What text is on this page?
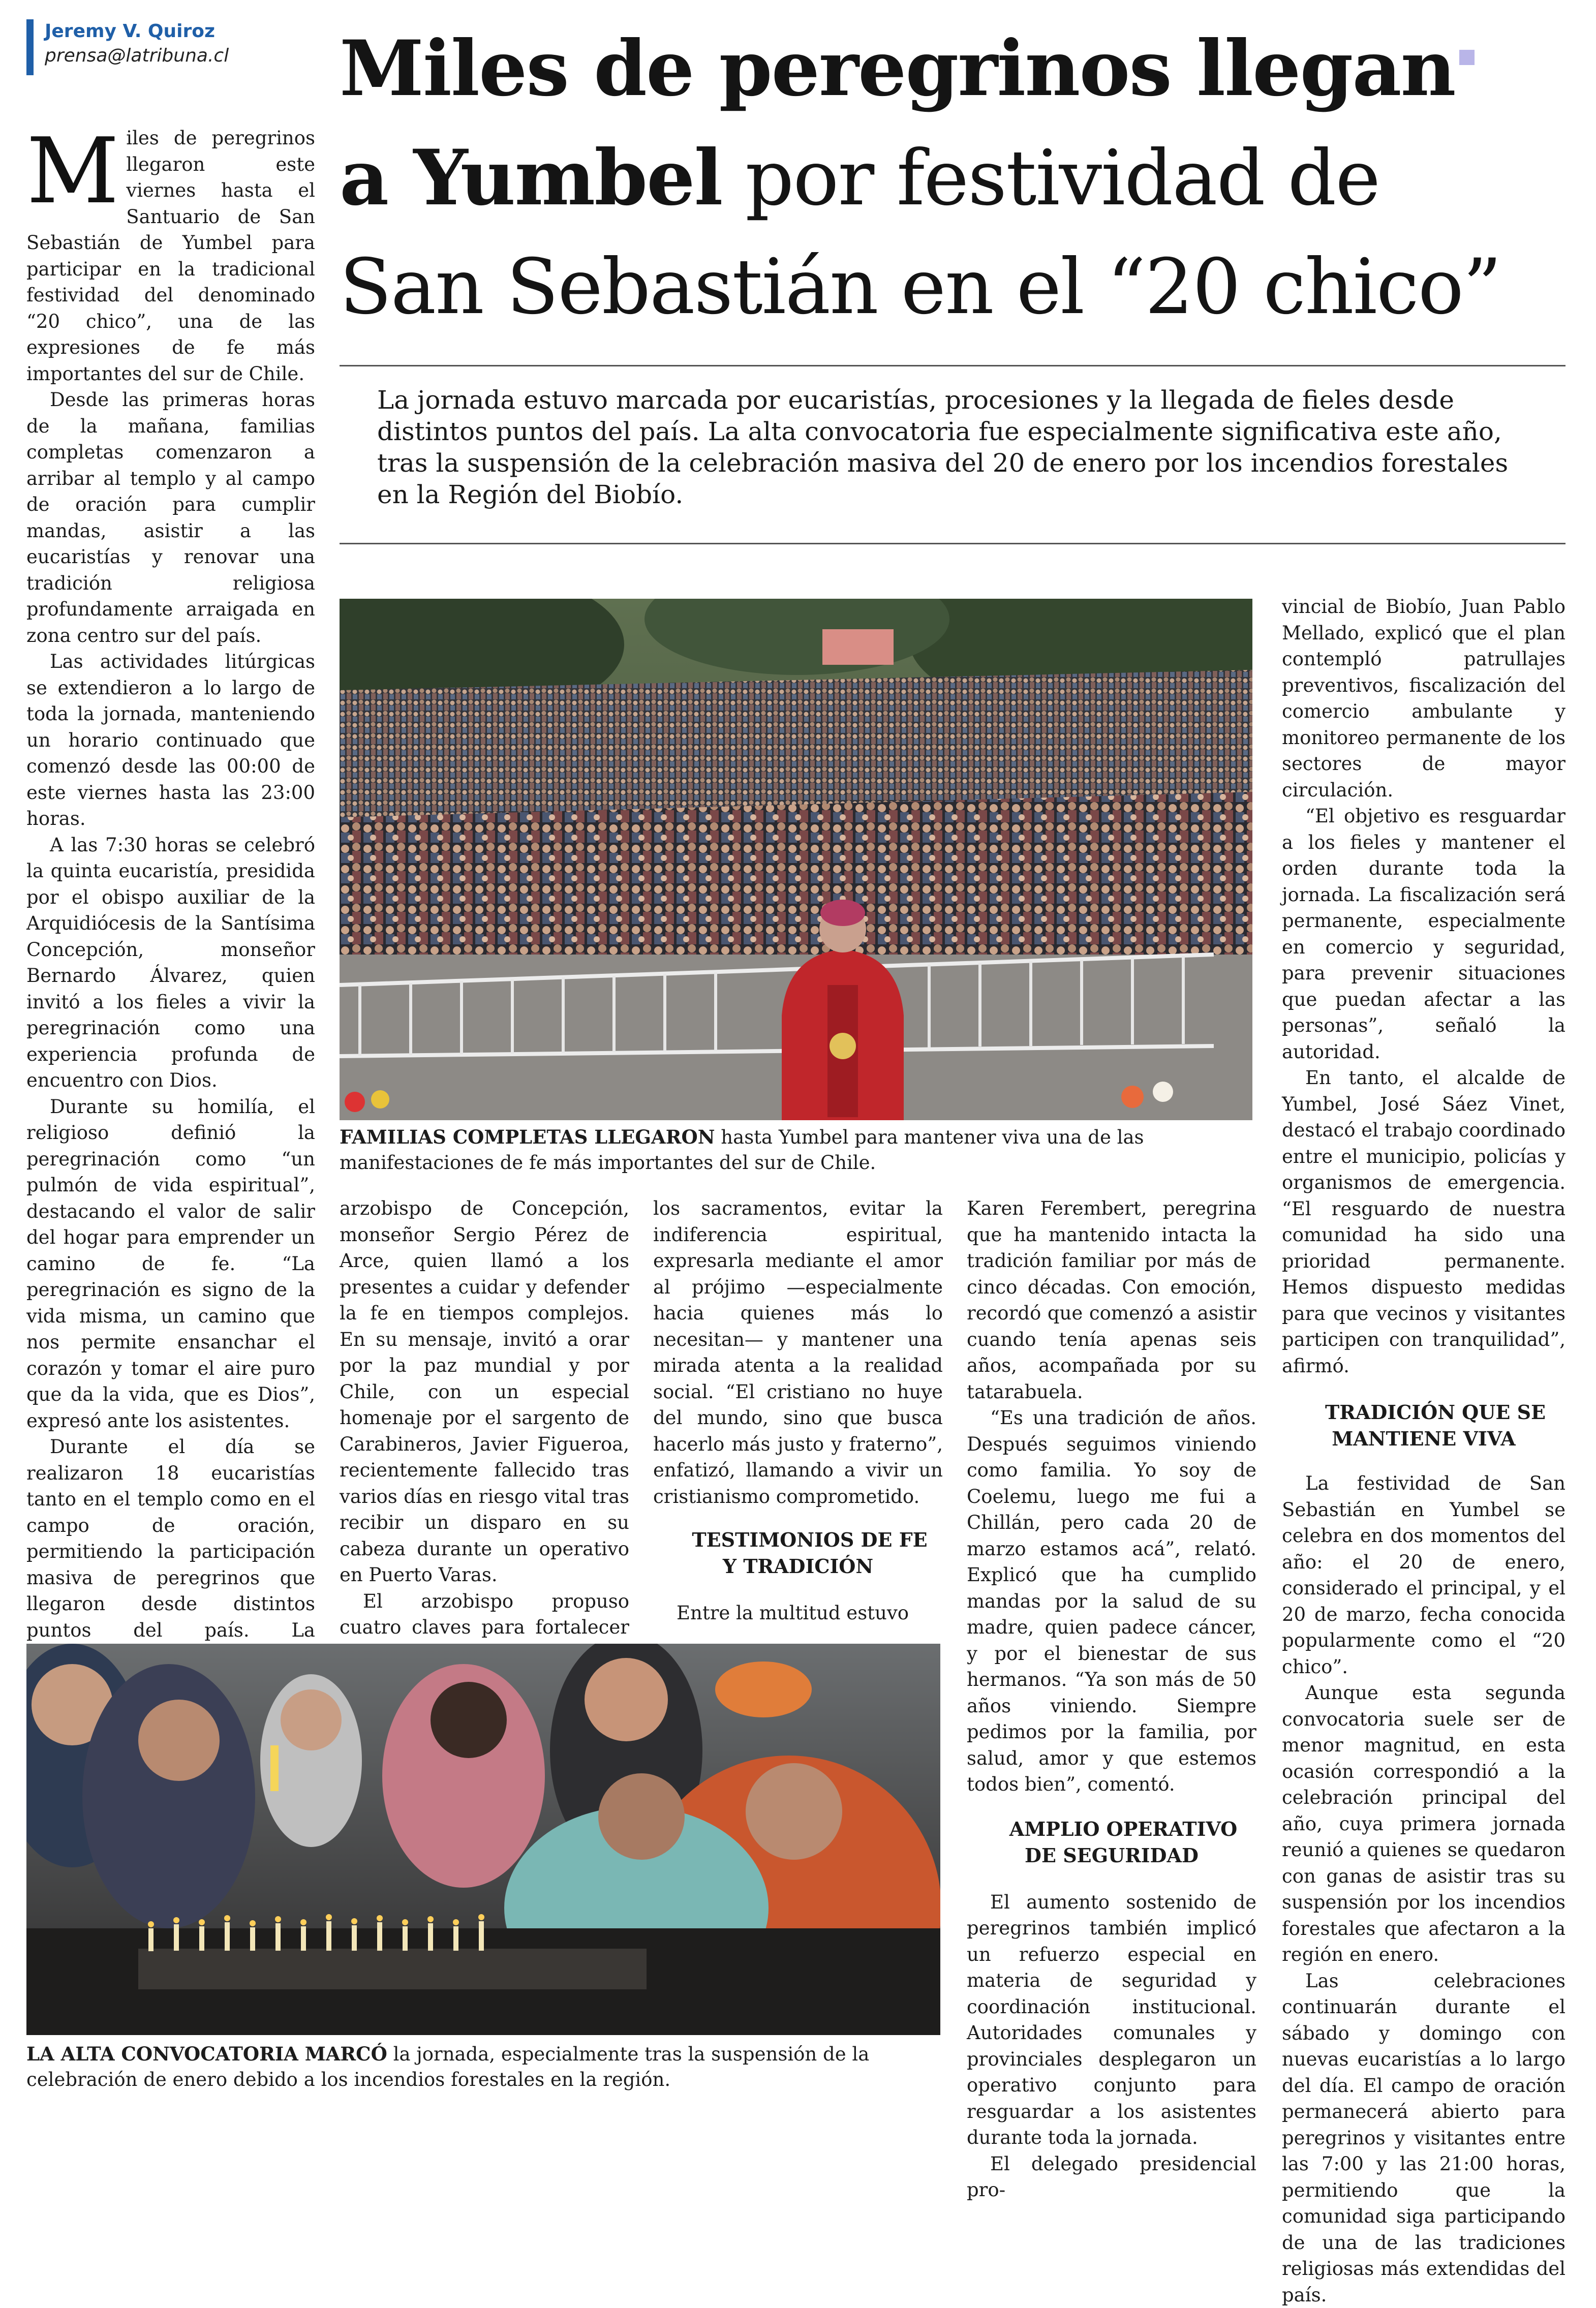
Jeremy V. Quiroz
prensa@latribuna.cl Miles de peregrinos llegan
a Yumbel por festividad de
San Sebastián en el “20 chico”
La jornada estuvo marcada por eucaristías, procesiones y la llegada de fieles desde distintos puntos del país. La alta convocatoria fue especialmente significativa este año, tras la suspensión de la celebración masiva del 20 de enero por los incendios forestales en la Región del Biobío.

Miles de peregrinos llegaron este viernes hasta el Santuario de San Sebastián de Yumbel para participar en la tradicional festividad del denominado “20 chico”, una de las expresiones de fe más importantes del sur de Chile.

Desde las primeras horas de la mañana, familias completas comenzaron a arribar al templo y al campo de oración para cumplir mandas, asistir a las eucaristías y renovar una tradición religiosa profundamente arraigada en zona centro sur del país.

Las actividades litúrgicas se extendieron a lo largo de toda la jornada, manteniendo un horario continuado que comenzó desde las 00:00 de este viernes hasta las 23:00 horas.

A las 7:30 horas se celebró la quinta eucaristía, presidida por el obispo auxiliar de la Arquidiócesis de la Santísima Concepción, monseñor Bernardo Álvarez, quien invitó a los fieles a vivir la peregrinación como una experiencia profunda de encuentro con Dios.

Durante su homilía, el religioso definió la peregrinación como “un pulmón de vida espiritual”, destacando el valor de salir del hogar para emprender un camino de fe. “La peregrinación es signo de la vida misma, un camino que nos permite ensanchar el corazón y tomar el aire puro que da la vida, que es Dios”, expresó ante los asistentes.

Durante el día se realizaron 18 eucaristías tanto en el templo como en el campo de oración, permitiendo la participación masiva de peregrinos que llegaron desde distintos puntos del país. La

FAMILIAS COMPLETAS LLEGARON hasta Yumbel para mantener viva una de las manifestaciones de fe más importantes del sur de Chile.

vincial de Biobío, Juan Pablo Mellado, explicó que el plan contempló patrullajes preventivos, fiscalización del comercio ambulante y monitoreo permanente de los sectores de mayor circulación.

“El objetivo es resguardar a los fieles y mantener el orden durante toda la jornada. La fiscalización será permanente, especialmente en comercio y seguridad, para prevenir situaciones que puedan afectar a las personas”, señaló la autoridad.

En tanto, el alcalde de Yumbel, José Sáez Vinet, destacó el trabajo coordinado entre el municipio, policías y organismos de emergencia. “El resguardo de nuestra comunidad ha sido una prioridad permanente. Hemos dispuesto medidas para que vecinos y visitantes participen con tranquilidad”, afirmó.

TRADICIÓN QUE SE
MANTIENE VIVA

La festividad de San Sebastián en Yumbel se celebra en dos momentos del año: el 20 de enero, considerado el principal, y el 20 de marzo, fecha conocida popularmente como el “20 chico”.

Aunque esta segunda convocatoria suele ser de menor magnitud, en esta ocasión correspondió a la celebración principal del año, cuya primera jornada reunió a quienes se quedaron con ganas de asistir tras su suspensión por los incendios forestales que afectaron a la región en enero.

Las celebraciones continuarán durante el sábado y domingo con nuevas eucaristías a lo largo del día. El campo de oración permanecerá abierto para peregrinos y visitantes entre las 7:00 y las 21:00 horas, permitiendo que la comunidad siga participando de una de las tradiciones religiosas más extendidas del país.

arzobispo de Concepción, monseñor Sergio Pérez de Arce, quien llamó a los presentes a cuidar y defender la fe en tiempos complejos. En su mensaje, invitó a orar por la paz mundial y por Chile, con un especial homenaje por el sargento de Carabineros, Javier Figueroa, recientemente fallecido tras varios días en riesgo vital tras recibir un disparo en su cabeza durante un operativo en Puerto Varas.

El arzobispo propuso cuatro claves para fortalecer

los sacramentos, evitar la indiferencia espiritual, expresarla mediante el amor al prójimo —especialmente hacia quienes más lo necesitan— y mantener una mirada atenta a la realidad social. “El cristiano no huye del mundo, sino que busca hacerlo más justo y fraterno”, enfatizó, llamando a vivir un cristianismo comprometido.

TESTIMONIOS DE FE
Y TRADICIÓN

Entre la multitud estuvo

Karen Ferembert, peregrina que ha mantenido intacta la tradición familiar por más de cinco décadas. Con emoción, recordó que comenzó a asistir cuando tenía apenas seis años, acompañada por su tatarabuela.

“Es una tradición de años. Después seguimos viniendo como familia. Yo soy de Coelemu, luego me fui a Chillán, pero cada 20 de marzo estamos acá”, relató. Explicó que ha cumplido mandas por la salud de su madre, quien padece cáncer, y por el bienestar de sus hermanos. “Ya son más de 50 años viniendo. Siempre pedimos por la familia, por salud, amor y que estemos todos bien”, comentó.

AMPLIO OPERATIVO
DE SEGURIDAD

El aumento sostenido de peregrinos también implicó un refuerzo especial en materia de seguridad y coordinación institucional. Autoridades comunales y provinciales desplegaron un operativo conjunto para resguardar a los asistentes durante toda la jornada.

El delegado presidencial pro-

LA ALTA CONVOCATORIA MARCÓ la jornada, especialmente tras la suspensión de la celebración de enero debido a los incendios forestales en la región.
